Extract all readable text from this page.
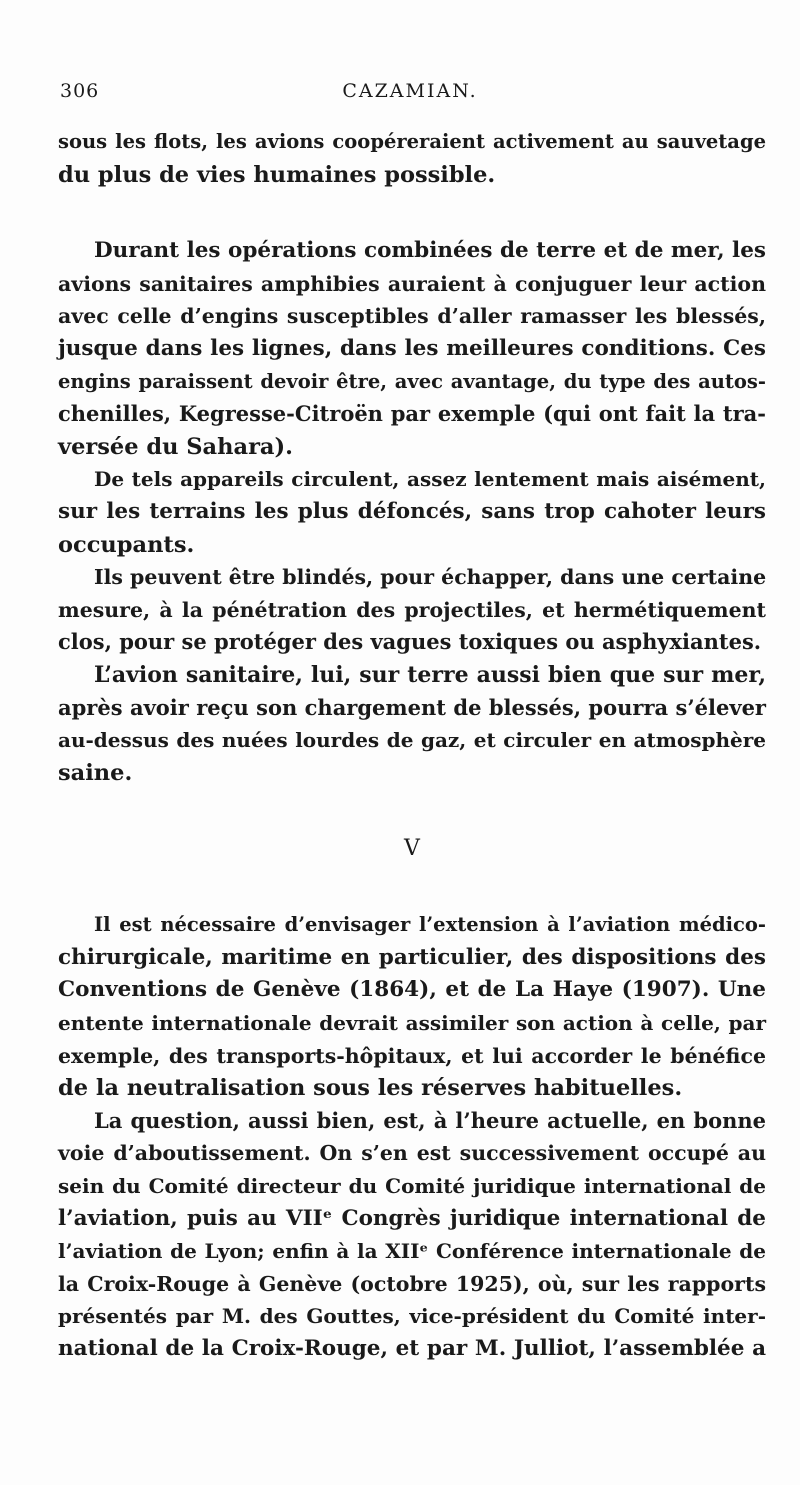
306	CAZAMIAN.
sous les flots, les avions coopéreraient activement au sauvetage
du plus de vies humaines possible.
Durant les opérations combinées de terre et de mer, les
avions sanitaires amphibies auraient à conjuguer leur action
avec celle d’engins susceptibles d’aller ramasser les blessés,
jusque dans les lignes, dans les meilleures conditions. Ces
engins paraissent devoir être, avec avantage, du type des autos-
chenilles, Kegresse-Citroën par exemple (qui ont fait la tra-
versée du Sahara).
De tels appareils circulent, assez lentement mais aisément,
sur les terrains les plus défoncés, sans trop cahoter leurs
occupants.
Ils peuvent être blindés, pour échapper, dans une certaine
mesure, à la pénétration des projectiles, et hermétiquement
clos, pour se protéger des vagues toxiques ou asphyxiantes.
L’avion sanitaire, lui, sur terre aussi bien que sur mer,
après avoir reçu son chargement de blessés, pourra s’élever
au-dessus des nuées lourdes de gaz, et circuler en atmosphère
saine.
V
Il est nécessaire d’envisager l’extension à l’aviation médico-
chirurgicale, maritime en particulier, des dispositions des
Conventions de Genève (1864), et de La Haye (1907). Une
entente internationale devrait assimiler son action à celle, par
exemple, des transports-hôpitaux, et lui accorder le bénéfice
de la neutralisation sous les réserves habituelles.
La question, aussi bien, est, à l’heure actuelle, en bonne
voie d’aboutissement. On s’en est successivement occupé au
sein du Comité directeur du Comité juridique international de
l’aviation, puis au VIIᵉ Congrès juridique international de
l’aviation de Lyon; enfin à la XIIᵉ Conférence internationale de
la Croix-Rouge à Genève (octobre 1925), où, sur les rapports
présentés par M. des Gouttes, vice-président du Comité inter-
national de la Croix-Rouge, et par M. Julliot, l’assemblée a
